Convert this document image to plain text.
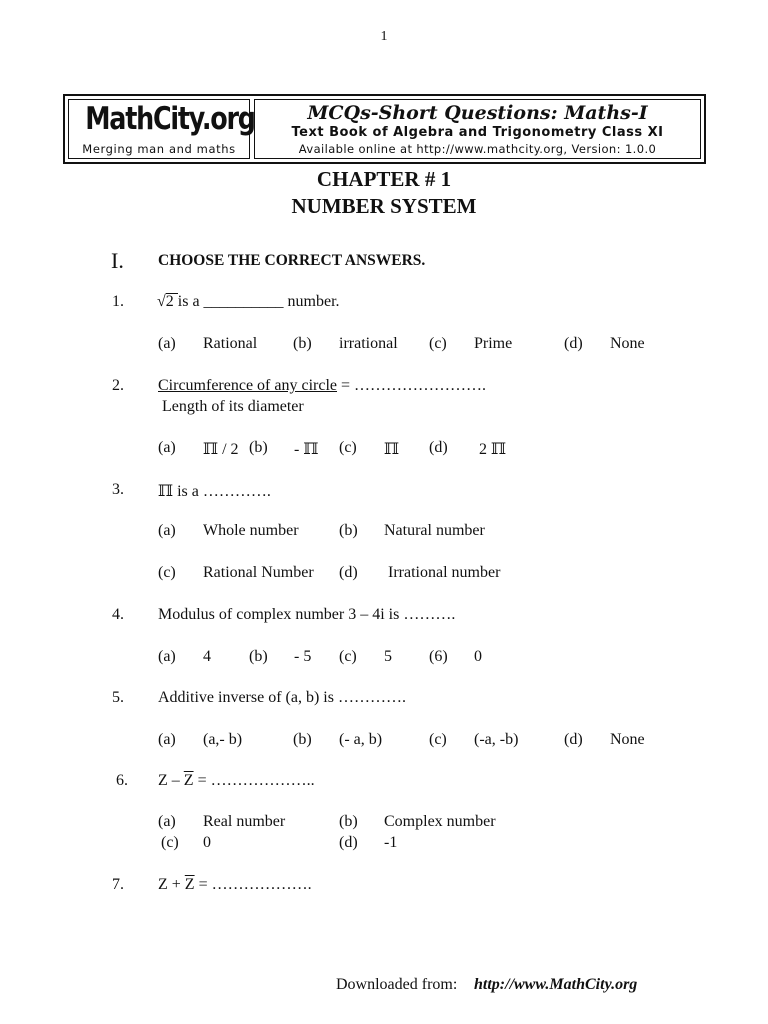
1
MathCity.org
Merging man and maths
MCQs-Short Questions: Maths-I
Text Book of Algebra and Trigonometry Class XI
Available online at http://www.mathcity.org, Version: 1.0.0
CHAPTER # 1
NUMBER SYSTEM
I. CHOOSE THE CORRECT ANSWERS.
1. √
2 is a __________ number.
(a) Rational (b) irrational (c) Prime	(d) None
2. Circumference of any circle = …………………….
Length of its diameter
(a) ℿ / 2 (b) - ℿ (c) ℿ (d) 2 ℿ
3. ℿ is a ………….
(a) Whole number	(b) Natural number
(c) Rational Number (d) Irrational number
4. Modulus of complex number 3 – 4i is ……….
(a) 4 (b) - 5 (c) 5 (6) 0
5. Additive inverse of (a, b) is ………….
(a) (a,- b)	(b) (- a, b)	(c) (-a, -b)	(d) None
6. Z – $\overline{Z}$ = ………………..
(a) Real number	(b) Complex number
(c) 0	(d) -1
7. $Z + \overline{Z}$ = ……………….
Downloaded from: http://www.MathCity.org
